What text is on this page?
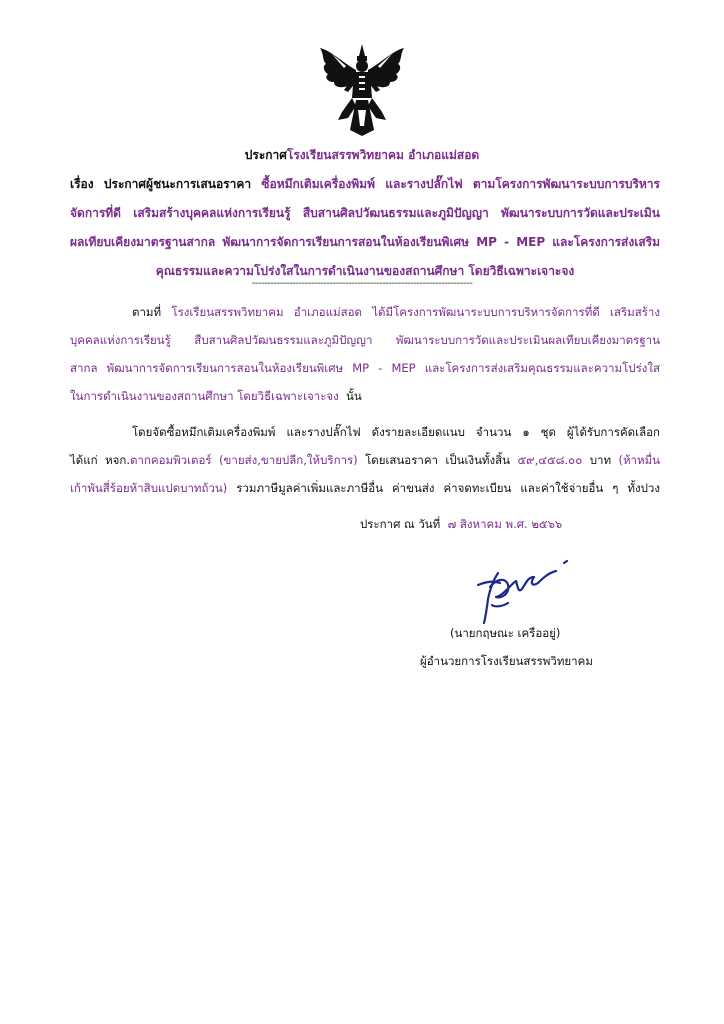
ประกาศโรงเรียนสรรพวิทยาคม อำเภอแม่สอด
เรื่อง ประกาศผู้ชนะการเสนอราคา ซื้อหมึกเติมเครื่องพิมพ์ และรางปลั๊กไฟ ตามโครงการพัฒนาระบบการบริหาร
จัดการที่ดี เสริมสร้างบุคคลแห่งการเรียนรู้ สืบสานศิลปวัฒนธรรมและภูมิปัญญา พัฒนาระบบการวัดและประเมิน
ผลเทียบเคียงมาตรฐานสากล พัฒนาการจัดการเรียนการสอนในห้องเรียนพิเศษ MP - MEP และโครงการส่งเสริม
คุณธรรมและความโปร่งใสในการดำเนินงานของสถานศึกษา โดยวิธีเฉพาะเจาะจง
-----------------------------------------------------------------------
ตามที่ โรงเรียนสรรพวิทยาคม อำเภอแม่สอด ได้มีโครงการพัฒนาระบบการบริหารจัดการที่ดี เสริมสร้าง
บุคคลแห่งการเรียนรู้ สืบสานศิลปวัฒนธรรมและภูมิปัญญา พัฒนาระบบการวัดและประเมินผลเทียบเคียงมาตรฐาน
สากล พัฒนาการจัดการเรียนการสอนในห้องเรียนพิเศษ MP - MEP และโครงการส่งเสริมคุณธรรมและความโปร่งใส
ในการดำเนินงานของสถานศึกษา โดยวิธีเฉพาะเจาะจง นั้น
โดยจัดซื้อหมึกเติมเครื่องพิมพ์ และรางปลั๊กไฟ ดังรายละเอียดแนบ จำนวน ๑ ชุด ผู้ได้รับการคัดเลือก
ได้แก่ หจก.ตากคอมพิวเตอร์ (ขายส่ง,ขายปลีก,ให้บริการ) โดยเสนอราคา เป็นเงินทั้งสิ้น ๕๙,๔๕๘.๐๐ บาท (ห้าหมื่น
เก้าพันสี่ร้อยห้าสิบแปดบาทถ้วน) รวมภาษีมูลค่าเพิ่มและภาษีอื่น ค่าขนส่ง ค่าจดทะเบียน และค่าใช้จ่ายอื่น ๆ ทั้งปวง
ประกาศ ณ วันที่ ๗ สิงหาคม พ.ศ. ๒๕๖๖
(นายกฤษณะ เครืออยู่)
ผู้อำนวยการโรงเรียนสรรพวิทยาคม
